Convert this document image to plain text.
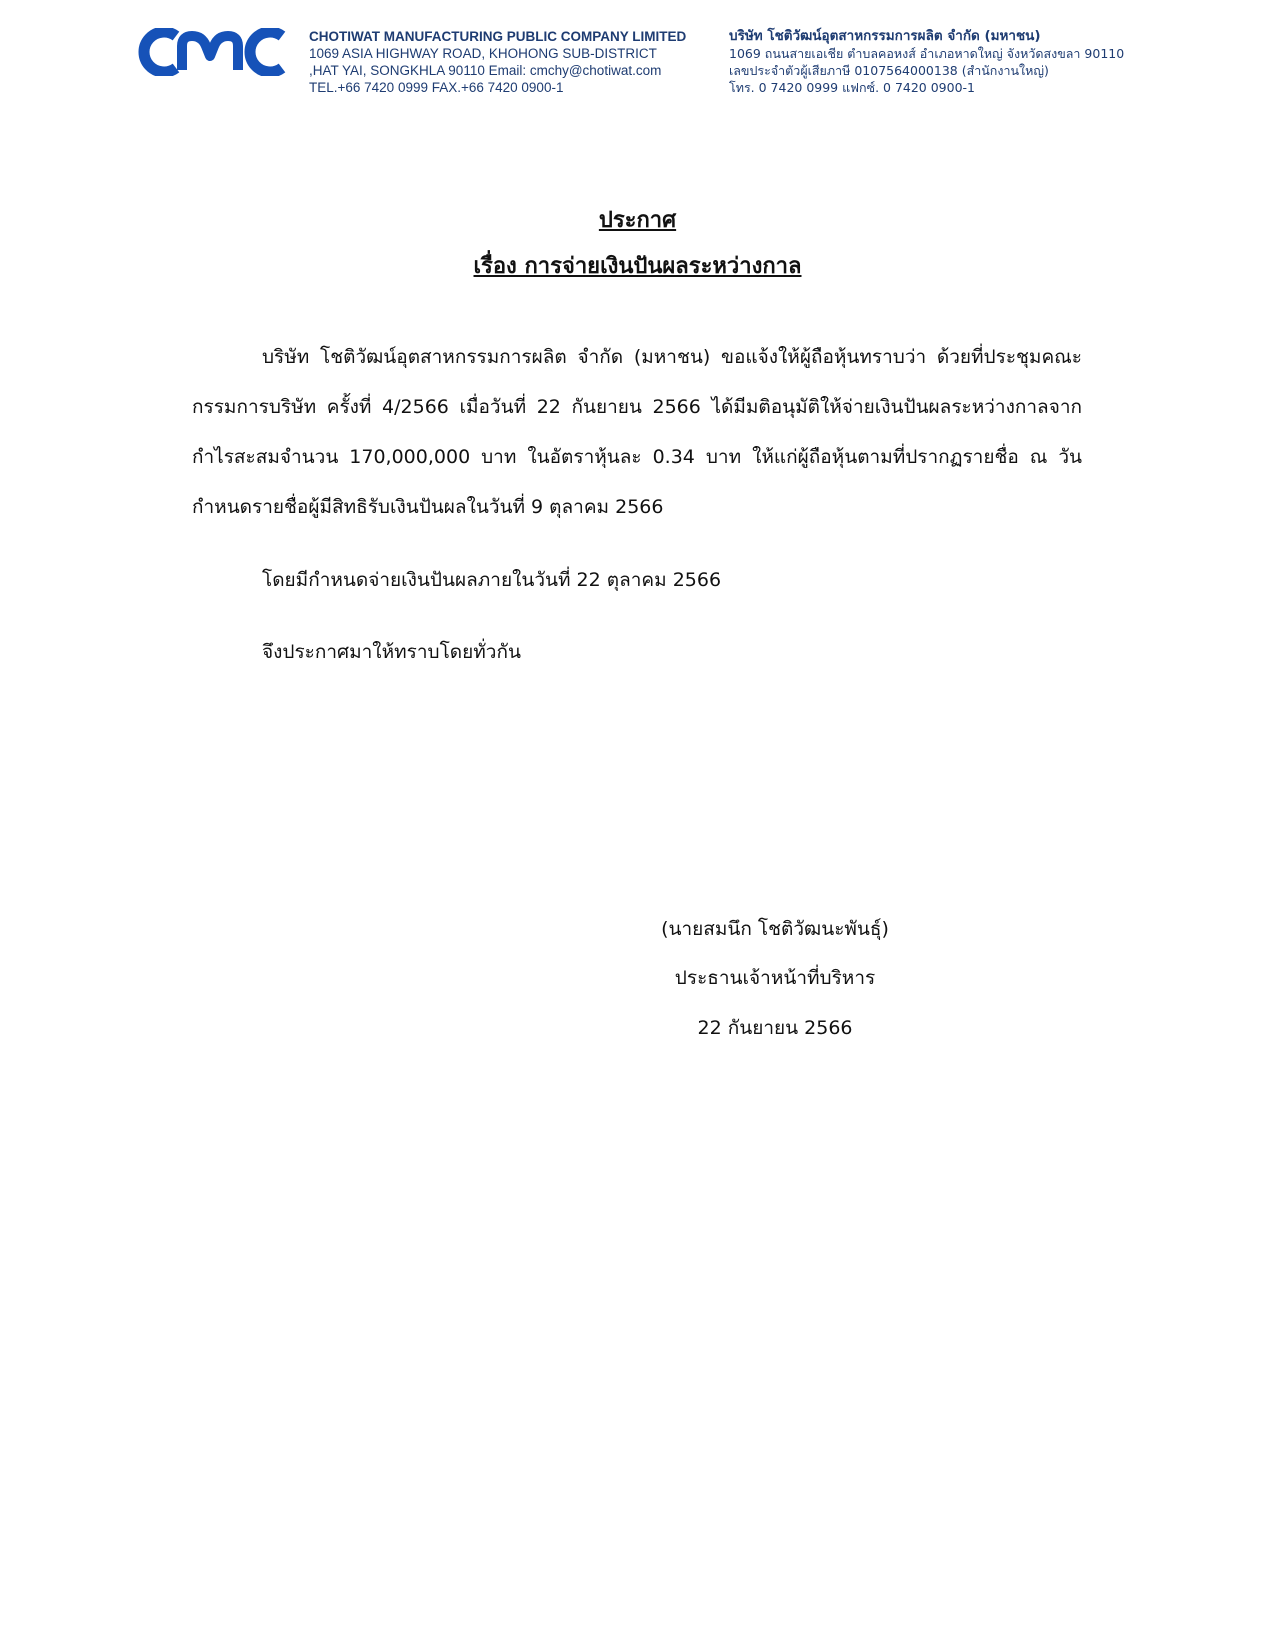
CHOTIWAT MANUFACTURING PUBLIC COMPANY LIMITED
1069 ASIA HIGHWAY ROAD, KHOHONG SUB-DISTRICT
,HAT YAI, SONGKHLA 90110 Email: cmchy@chotiwat.com
TEL.+66 7420 0999 FAX.+66 7420 0900-1
บริษัท โชติวัฒน์อุตสาหกรรมการผลิต จำกัด (มหาชน)
1069 ถนนสายเอเชีย ตำบลคอหงส์ อำเภอหาดใหญ่ จังหวัดสงขลา 90110
เลขประจำตัวผู้เสียภาษี 0107564000138 (สำนักงานใหญ่)
โทร. 0 7420 0999 แฟกซ์. 0 7420 0900-1
ประกาศ
เรื่อง การจ่ายเงินปันผลระหว่างกาล
บริษัท โชติวัฒน์อุตสาหกรรมการผลิต จำกัด (มหาชน) ขอแจ้งให้ผู้ถือหุ้นทราบว่า ด้วยที่ประชุมคณะกรรมการบริษัท ครั้งที่ 4/2566 เมื่อวันที่ 22 กันยายน 2566 ได้มีมติอนุมัติให้จ่ายเงินปันผลระหว่างกาลจากกำไรสะสมจำนวน 170,000,000 บาท ในอัตราหุ้นละ 0.34 บาท ให้แก่ผู้ถือหุ้นตามที่ปรากฏรายชื่อ ณ วันกำหนดรายชื่อผู้มีสิทธิรับเงินปันผลในวันที่ 9 ตุลาคม 2566
โดยมีกำหนดจ่ายเงินปันผลภายในวันที่ 22 ตุลาคม 2566
จึงประกาศมาให้ทราบโดยทั่วกัน
(นายสมนึก โชติวัฒนะพันธุ์)
ประธานเจ้าหน้าที่บริหาร
22 กันยายน 2566
